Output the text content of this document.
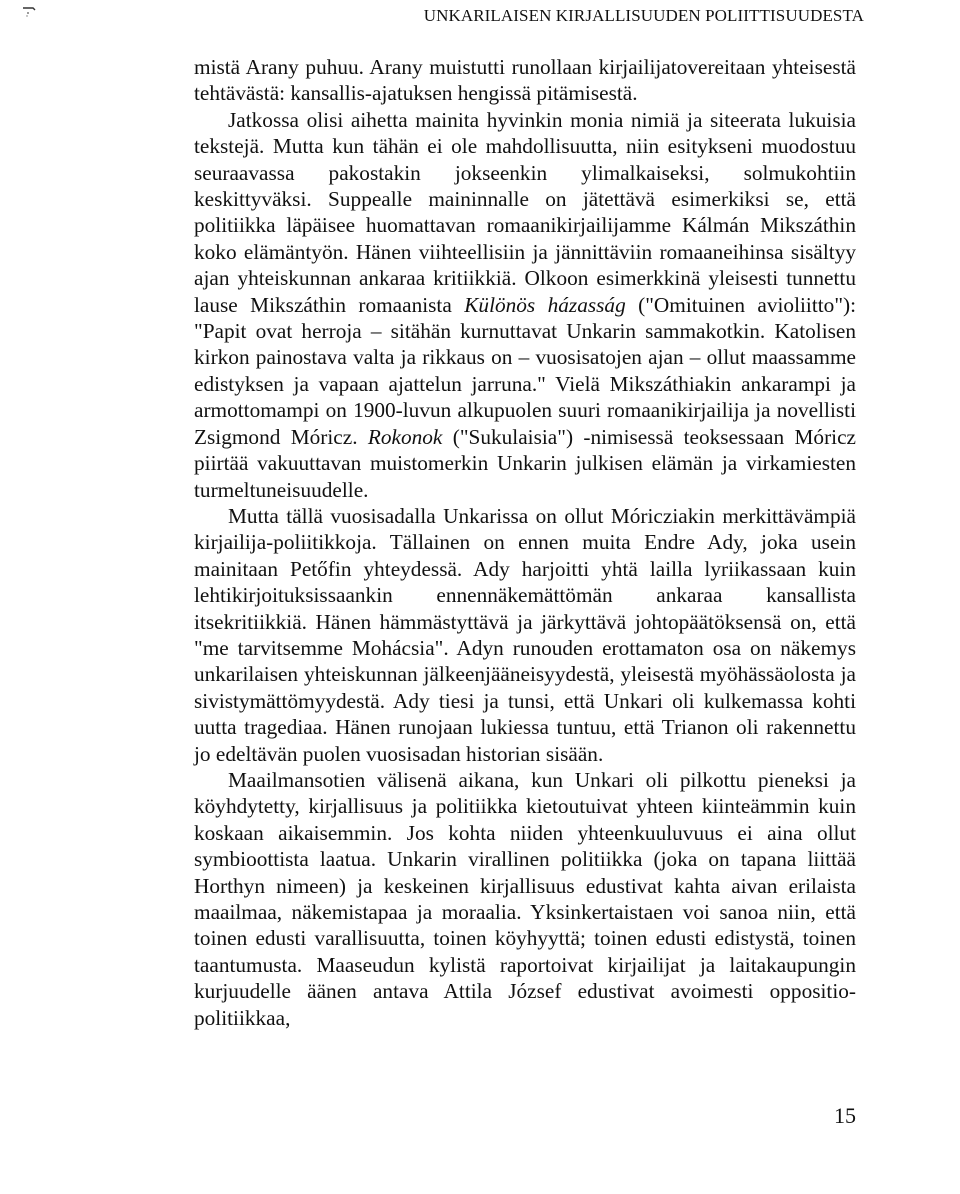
UNKARILAISEN KIRJALLISUUDEN POLIITTISUUDESTA

mistä Arany puhuu. Arany muistutti runollaan kirjailijatovereitaan yhteisestä tehtävästä: kansallis-ajatuksen hengissä pitämisestä.

Jatkossa olisi aihetta mainita hyvinkin monia nimiä ja siteerata lukuisia tekstejä. Mutta kun tähän ei ole mahdollisuutta, niin esitykseni muodostuu seuraavassa pakostakin jokseenkin ylimalkaiseksi, solmukohtiin keskittyväksi. Suppealle maininnalle on jätettävä esimerkiksi se, että politiikka läpäisee huomattavan romaanikirjailijamme Kálmán Mikszáthin koko elämäntyön. Hänen viihteellisiin ja jännittäviin romaaneihinsa sisältyy ajan yhteiskunnan ankaraa kritiikkiä. Olkoon esimerkkinä yleisesti tunnettu lause Mikszáthin romaanista Különös házasság ("Omituinen avioliitto"): "Papit ovat herroja – sitähän kurnuttavat Unkarin sammakotkin. Katolisen kirkon painostava valta ja rikkaus on – vuosisatojen ajan – ollut maassamme edistyksen ja vapaan ajattelun jarruna." Vielä Mikszáthiakin ankarampi ja armottomampi on 1900-luvun alkupuolen suuri romaanikirjailija ja novellisti Zsigmond Móricz. Rokonok ("Sukulaisia") -nimisessä teoksessaan Móricz piirtää vakuuttavan muistomerkin Unkarin julkisen elämän ja virkamiesten turmeltuneisuudelle.

Mutta tällä vuosisadalla Unkarissa on ollut Móricziakin merkittävämpiä kirjailija-poliitikkoja. Tällainen on ennen muita Endre Ady, joka usein mainitaan Petőfin yhteydessä. Ady harjoitti yhtä lailla lyriikassaan kuin lehtikirjoituksissaankin ennennäkemättömän ankaraa kansallista itsekritiikkiä. Hänen hämmästyttävä ja järkyttävä johtopäätöksensä on, että "me tarvitsemme Mohácsia". Adyn runouden erottamaton osa on näkemys unkarilaisen yhteiskunnan jälkeenjääneisyydestä, yleisestä myöhässäolosta ja sivistymättömyydestä. Ady tiesi ja tunsi, että Unkari oli kulkemassa kohti uutta tragediaa. Hänen runojaan lukiessa tuntuu, että Trianon oli rakennettu jo edeltävän puolen vuosisadan historian sisään.

Maailmansotien välisenä aikana, kun Unkari oli pilkottu pieneksi ja köyhdytetty, kirjallisuus ja politiikka kietoutuivat yhteen kiinteämmin kuin koskaan aikaisemmin. Jos kohta niiden yhteenkuuluvuus ei aina ollut symbioottista laatua. Unkarin virallinen politiikka (joka on tapana liittää Horthyn nimeen) ja keskeinen kirjallisuus edustivat kahta aivan erilaista maailmaa, näkemistapaa ja moraalia. Yksinkertaistaen voi sanoa niin, että toinen edusti varallisuutta, toinen köyhyyttä; toinen edusti edistystä, toinen taantumusta. Maaseudun kylistä raportoivat kirjailijat ja laitakaupungin kurjuudelle äänen antava Attila József edustivat avoimesti oppositio-politiikkaa,

15
